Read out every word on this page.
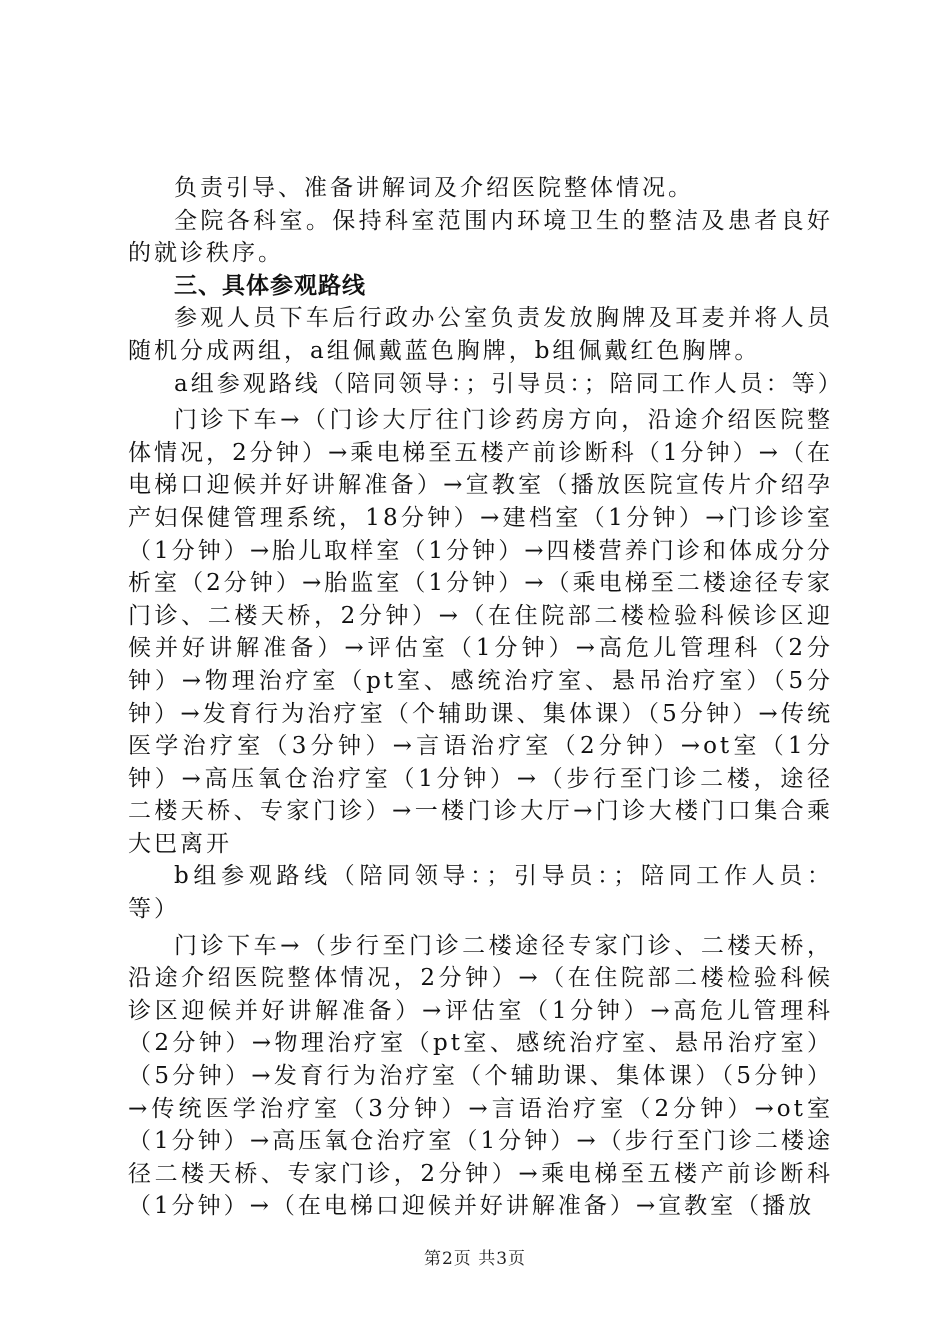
负责引导、准备讲解词及介绍医院整体情况。

全院各科室。保持科室范围内环境卫生的整洁及患者良好的就诊秩序。

三、具体参观路线

参观人员下车后行政办公室负责发放胸牌及耳麦并将人员随机分成两组，a组佩戴蓝色胸牌，b组佩戴红色胸牌。

a组参观路线（陪同领导：；引导员：；陪同工作人员：等）

门诊下车→（门诊大厅往门诊药房方向，沿途介绍医院整体情况，2分钟）→乘电梯至五楼产前诊断科（1分钟）→（在电梯口迎候并好讲解准备）→宣教室（播放医院宣传片介绍孕产妇保健管理系统，18分钟）→建档室（1分钟）→门诊诊室（1分钟）→胎儿取样室（1分钟）→四楼营养门诊和体成分分析室（2分钟）→胎监室（1分钟）→（乘电梯至二楼途径专家门诊、二楼天桥，2分钟）→（在住院部二楼检验科候诊区迎候并好讲解准备）→评估室（1分钟）→高危儿管理科（2分钟）→物理治疗室（pt室、感统治疗室、悬吊治疗室）（5分钟）→发育行为治疗室（个辅助课、集体课）（5分钟）→传统医学治疗室（3分钟）→言语治疗室（2分钟）→ot室（1分钟）→高压氧仓治疗室（1分钟）→（步行至门诊二楼，途径二楼天桥、专家门诊）→一楼门诊大厅→门诊大楼门口集合乘大巴离开

b组参观路线（陪同领导：；引导员：；陪同工作人员：等）

门诊下车→（步行至门诊二楼途径专家门诊、二楼天桥，沿途介绍医院整体情况，2分钟）→（在住院部二楼检验科候诊区迎候并好讲解准备）→评估室（1分钟）→高危儿管理科（2分钟）→物理治疗室（pt室、感统治疗室、悬吊治疗室）（5分钟）→发育行为治疗室（个辅助课、集体课）（5分钟）→传统医学治疗室（3分钟）→言语治疗室（2分钟）→ot室（1分钟）→高压氧仓治疗室（1分钟）→（步行至门诊二楼途径二楼天桥、专家门诊，2分钟）→乘电梯至五楼产前诊断科（1分钟）→（在电梯口迎候并好讲解准备）→宣教室（播放

第2页 共3页
